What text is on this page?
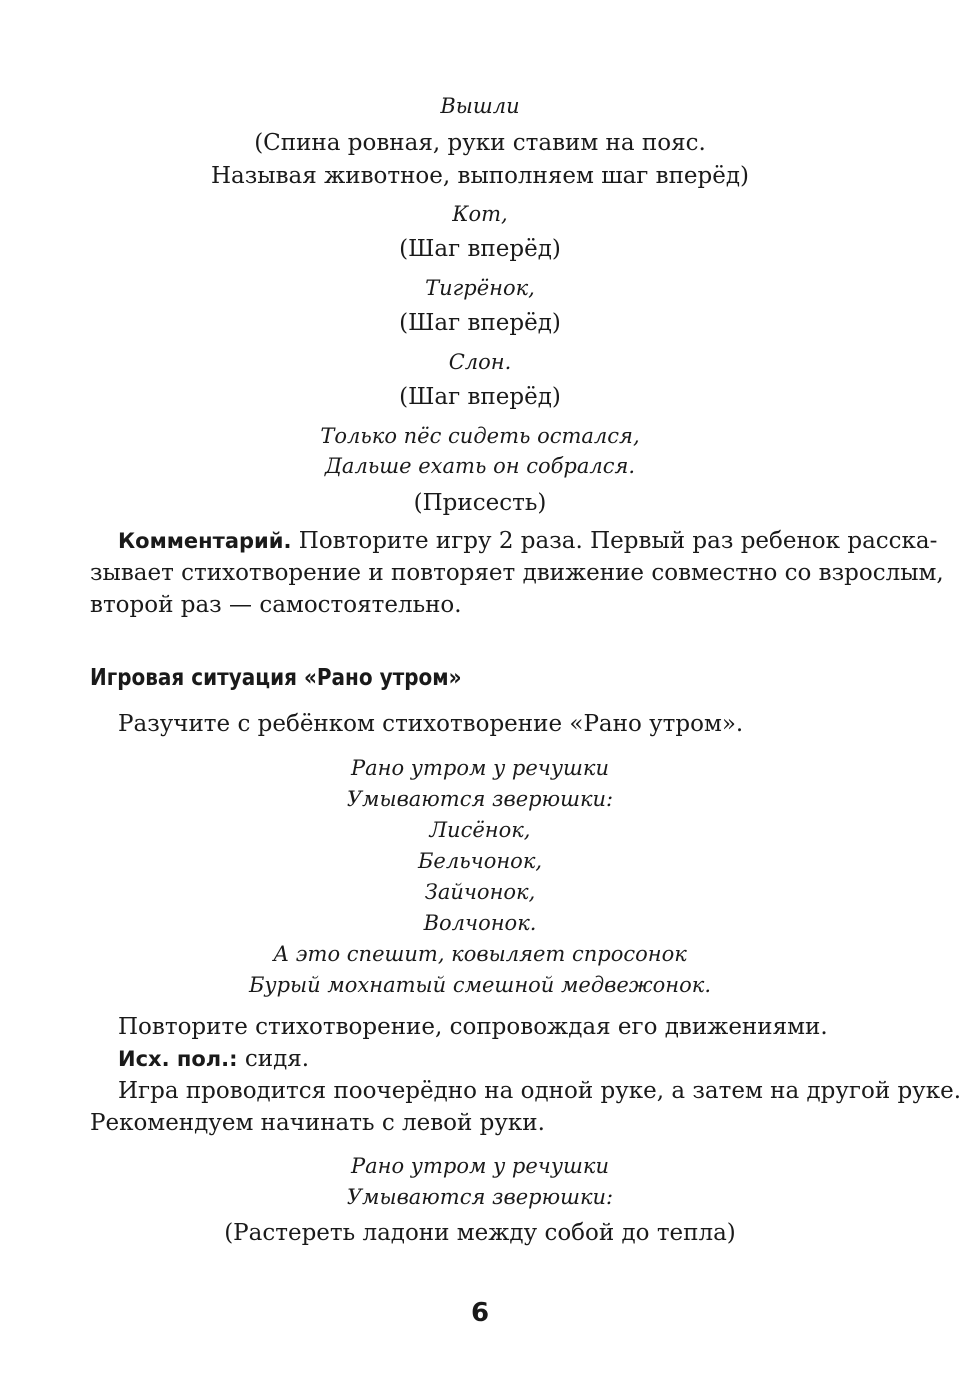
Вышли
(Спина ровная, руки ставим на пояс.
Называя животное, выполняем шаг вперёд)
Кот,
(Шаг вперёд)
Тигрёнок,
(Шаг вперёд)
Слон.
(Шаг вперёд)
Только пёс сидеть остался,
Дальше ехать он собрался.
(Присесть)
Комментарий. Повторите игру 2 раза. Первый раз ребенок расска-
зывает стихотворение и повторяет движение совместно со взрослым,
второй раз — самостоятельно.
Игровая ситуация «Рано утром»
Разучите с ребёнком стихотворение «Рано утром».
Рано утром у речушки
Умываются зверюшки:
Лисёнок,
Бельчонок,
Зайчонок,
Волчонок.
А это спешит, ковыляет спросонок
Бурый мохнатый смешной медвежонок.
Повторите стихотворение, сопровождая его движениями.
Исх. пол.: сидя.
Игра проводится поочерёдно на одной руке, а затем на другой руке.
Рекомендуем начинать с левой руки.
Рано утром у речушки
Умываются зверюшки:
(Растереть ладони между собой до тепла)
6
